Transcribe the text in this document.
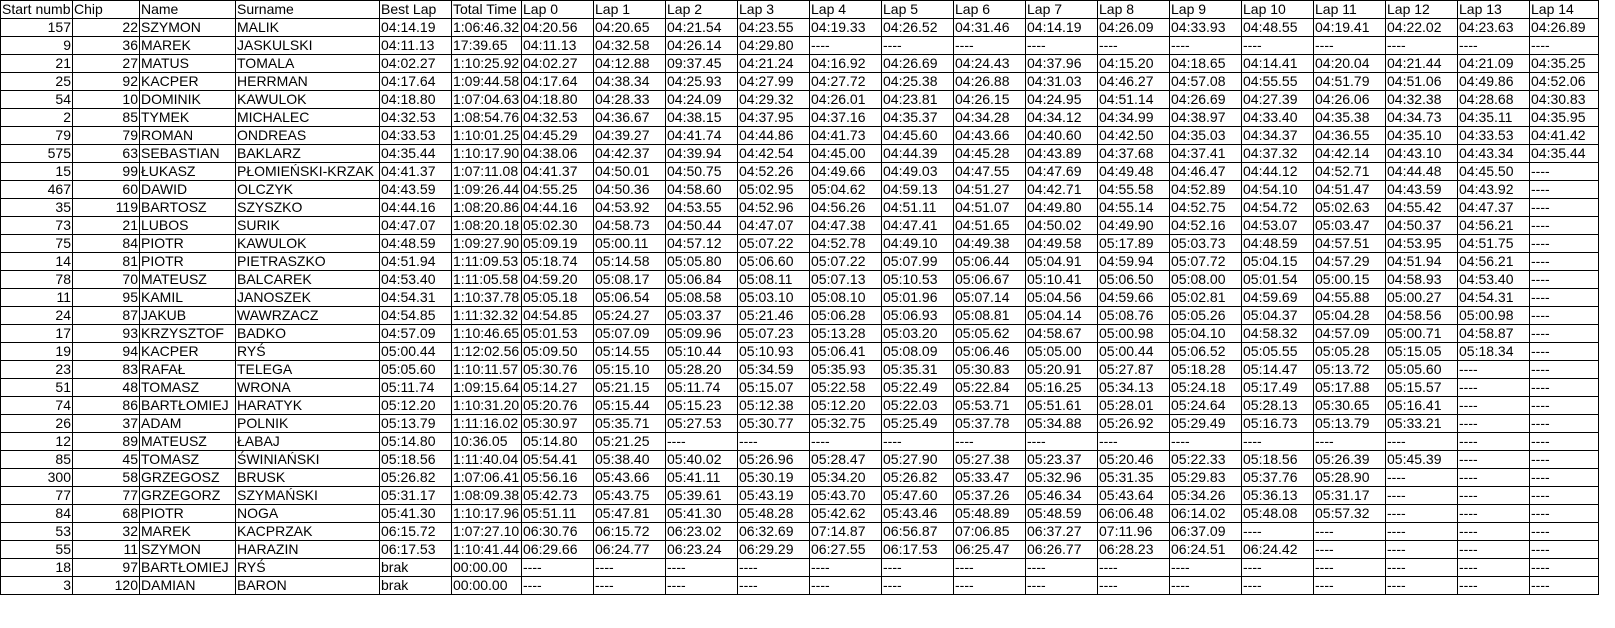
Start numb	Chip	Name	Surname	Best Lap	Total Time	Lap 0	Lap 1	Lap 2	Lap 3	Lap 4	Lap 5	Lap 6	Lap 7	Lap 8	Lap 9	Lap 10	Lap 11	Lap 12	Lap 13	Lap 14
157	22	SZYMON	MALIK	04:14.19	1:06:46.32	04:20.56	04:20.65	04:21.54	04:23.55	04:19.33	04:26.52	04:31.46	04:14.19	04:26.09	04:33.93	04:48.55	04:19.41	04:22.02	04:23.63	04:26.89
9	36	MAREK	JASKULSKI	04:11.13	17:39.65	04:11.13	04:32.58	04:26.14	04:29.80	----	----	----	----	----	----	----	----	----	----	----
21	27	MATUS	TOMALA	04:02.27	1:10:25.92	04:02.27	04:12.88	09:37.45	04:21.24	04:16.92	04:26.69	04:24.43	04:37.96	04:15.20	04:18.65	04:14.41	04:20.04	04:21.44	04:21.09	04:35.25
25	92	KACPER	HERRMAN	04:17.64	1:09:44.58	04:17.64	04:38.34	04:25.93	04:27.99	04:27.72	04:25.38	04:26.88	04:31.03	04:46.27	04:57.08	04:55.55	04:51.79	04:51.06	04:49.86	04:52.06
54	10	DOMINIK	KAWULOK	04:18.80	1:07:04.63	04:18.80	04:28.33	04:24.09	04:29.32	04:26.01	04:23.81	04:26.15	04:24.95	04:51.14	04:26.69	04:27.39	04:26.06	04:32.38	04:28.68	04:30.83
2	85	TYMEK	MICHALEC	04:32.53	1:08:54.76	04:32.53	04:36.67	04:38.15	04:37.95	04:37.16	04:35.37	04:34.28	04:34.12	04:34.99	04:38.97	04:33.40	04:35.38	04:34.73	04:35.11	04:35.95
79	79	ROMAN	ONDREAS	04:33.53	1:10:01.25	04:45.29	04:39.27	04:41.74	04:44.86	04:41.73	04:45.60	04:43.66	04:40.60	04:42.50	04:35.03	04:34.37	04:36.55	04:35.10	04:33.53	04:41.42
575	63	SEBASTIAN	BAKLARZ	04:35.44	1:10:17.90	04:38.06	04:42.37	04:39.94	04:42.54	04:45.00	04:44.39	04:45.28	04:43.89	04:37.68	04:37.41	04:37.32	04:42.14	04:43.10	04:43.34	04:35.44
15	99	ŁUKASZ	PŁOMIEŃSKI-KRZAK	04:41.37	1:07:11.08	04:41.37	04:50.01	04:50.75	04:52.26	04:49.66	04:49.03	04:47.55	04:47.69	04:49.48	04:46.47	04:44.12	04:52.71	04:44.48	04:45.50	----
467	60	DAWID	OLCZYK	04:43.59	1:09:26.44	04:55.25	04:50.36	04:58.60	05:02.95	05:04.62	04:59.13	04:51.27	04:42.71	04:55.58	04:52.89	04:54.10	04:51.47	04:43.59	04:43.92	----
35	119	BARTOSZ	SZYSZKO	04:44.16	1:08:20.86	04:44.16	04:53.92	04:53.55	04:52.96	04:56.26	04:51.11	04:51.07	04:49.80	04:55.14	04:52.75	04:54.72	05:02.63	04:55.42	04:47.37	----
73	21	LUBOS	SURIK	04:47.07	1:08:20.18	05:02.30	04:58.73	04:50.44	04:47.07	04:47.38	04:47.41	04:51.65	04:50.02	04:49.90	04:52.16	04:53.07	05:03.47	04:50.37	04:56.21	----
75	84	PIOTR	KAWULOK	04:48.59	1:09:27.90	05:09.19	05:00.11	04:57.12	05:07.22	04:52.78	04:49.10	04:49.38	04:49.58	05:17.89	05:03.73	04:48.59	04:57.51	04:53.95	04:51.75	----
14	81	PIOTR	PIETRASZKO	04:51.94	1:11:09.53	05:18.74	05:14.58	05:05.80	05:06.60	05:07.22	05:07.99	05:06.44	05:04.91	04:59.94	05:07.72	05:04.15	04:57.29	04:51.94	04:56.21	----
78	70	MATEUSZ	BALCAREK	04:53.40	1:11:05.58	04:59.20	05:08.17	05:06.84	05:08.11	05:07.13	05:10.53	05:06.67	05:10.41	05:06.50	05:08.00	05:01.54	05:00.15	04:58.93	04:53.40	----
11	95	KAMIL	JANOSZEK	04:54.31	1:10:37.78	05:05.18	05:06.54	05:08.58	05:03.10	05:08.10	05:01.96	05:07.14	05:04.56	04:59.66	05:02.81	04:59.69	04:55.88	05:00.27	04:54.31	----
24	87	JAKUB	WAWRZACZ	04:54.85	1:11:32.32	04:54.85	05:24.27	05:03.37	05:21.46	05:06.28	05:06.93	05:08.81	05:04.14	05:08.76	05:05.26	05:04.37	05:04.28	04:58.56	05:00.98	----
17	93	KRZYSZTOF	BADKO	04:57.09	1:10:46.65	05:01.53	05:07.09	05:09.96	05:07.23	05:13.28	05:03.20	05:05.62	04:58.67	05:00.98	05:04.10	04:58.32	04:57.09	05:00.71	04:58.87	----
19	94	KACPER	RYŚ	05:00.44	1:12:02.56	05:09.50	05:14.55	05:10.44	05:10.93	05:06.41	05:08.09	05:06.46	05:05.00	05:00.44	05:06.52	05:05.55	05:05.28	05:15.05	05:18.34	----
23	83	RAFAŁ	TELEGA	05:05.60	1:10:11.57	05:30.76	05:15.10	05:28.20	05:34.59	05:35.93	05:35.31	05:30.83	05:20.91	05:27.87	05:18.28	05:14.47	05:13.72	05:05.60	----	----
51	48	TOMASZ	WRONA	05:11.74	1:09:15.64	05:14.27	05:21.15	05:11.74	05:15.07	05:22.58	05:22.49	05:22.84	05:16.25	05:34.13	05:24.18	05:17.49	05:17.88	05:15.57	----	----
74	86	BARTŁOMIEJ	HARATYK	05:12.20	1:10:31.20	05:20.76	05:15.44	05:15.23	05:12.38	05:12.20	05:22.03	05:53.71	05:51.61	05:28.01	05:24.64	05:28.13	05:30.65	05:16.41	----	----
26	37	ADAM	POLNIK	05:13.79	1:11:16.02	05:30.97	05:35.71	05:27.53	05:30.77	05:32.75	05:25.49	05:37.78	05:34.88	05:26.92	05:29.49	05:16.73	05:13.79	05:33.21	----	----
12	89	MATEUSZ	ŁABAJ	05:14.80	10:36.05	05:14.80	05:21.25	----	----	----	----	----	----	----	----	----	----	----	----	----
85	45	TOMASZ	ŚWINIAŃSKI	05:18.56	1:11:40.04	05:54.41	05:38.40	05:40.02	05:26.96	05:28.47	05:27.90	05:27.38	05:23.37	05:20.46	05:22.33	05:18.56	05:26.39	05:45.39	----	----
300	58	GRZEGOSZ	BRUSK	05:26.82	1:07:06.41	05:56.16	05:43.66	05:41.11	05:30.19	05:34.20	05:26.82	05:33.47	05:32.96	05:31.35	05:29.83	05:37.76	05:28.90	----	----	----
77	77	GRZEGORZ	SZYMAŃSKI	05:31.17	1:08:09.38	05:42.73	05:43.75	05:39.61	05:43.19	05:43.70	05:47.60	05:37.26	05:46.34	05:43.64	05:34.26	05:36.13	05:31.17	----	----	----
84	68	PIOTR	NOGA	05:41.30	1:10:17.96	05:51.11	05:47.81	05:41.30	05:48.28	05:42.62	05:43.46	05:48.89	05:48.59	06:06.48	06:14.02	05:48.08	05:57.32	----	----	----
53	32	MAREK	KACPRZAK	06:15.72	1:07:27.10	06:30.76	06:15.72	06:23.02	06:32.69	07:14.87	06:56.87	07:06.85	06:37.27	07:11.96	06:37.09	----	----	----	----	----
55	11	SZYMON	HARAZIN	06:17.53	1:10:41.44	06:29.66	06:24.77	06:23.24	06:29.29	06:27.55	06:17.53	06:25.47	06:26.77	06:28.23	06:24.51	06:24.42	----	----	----	----
18	97	BARTŁOMIEJ	RYŚ	brak	00:00.00	----	----	----	----	----	----	----	----	----	----	----	----	----	----	----
3	120	DAMIAN	BARON	brak	00:00.00	----	----	----	----	----	----	----	----	----	----	----	----	----	----	----
